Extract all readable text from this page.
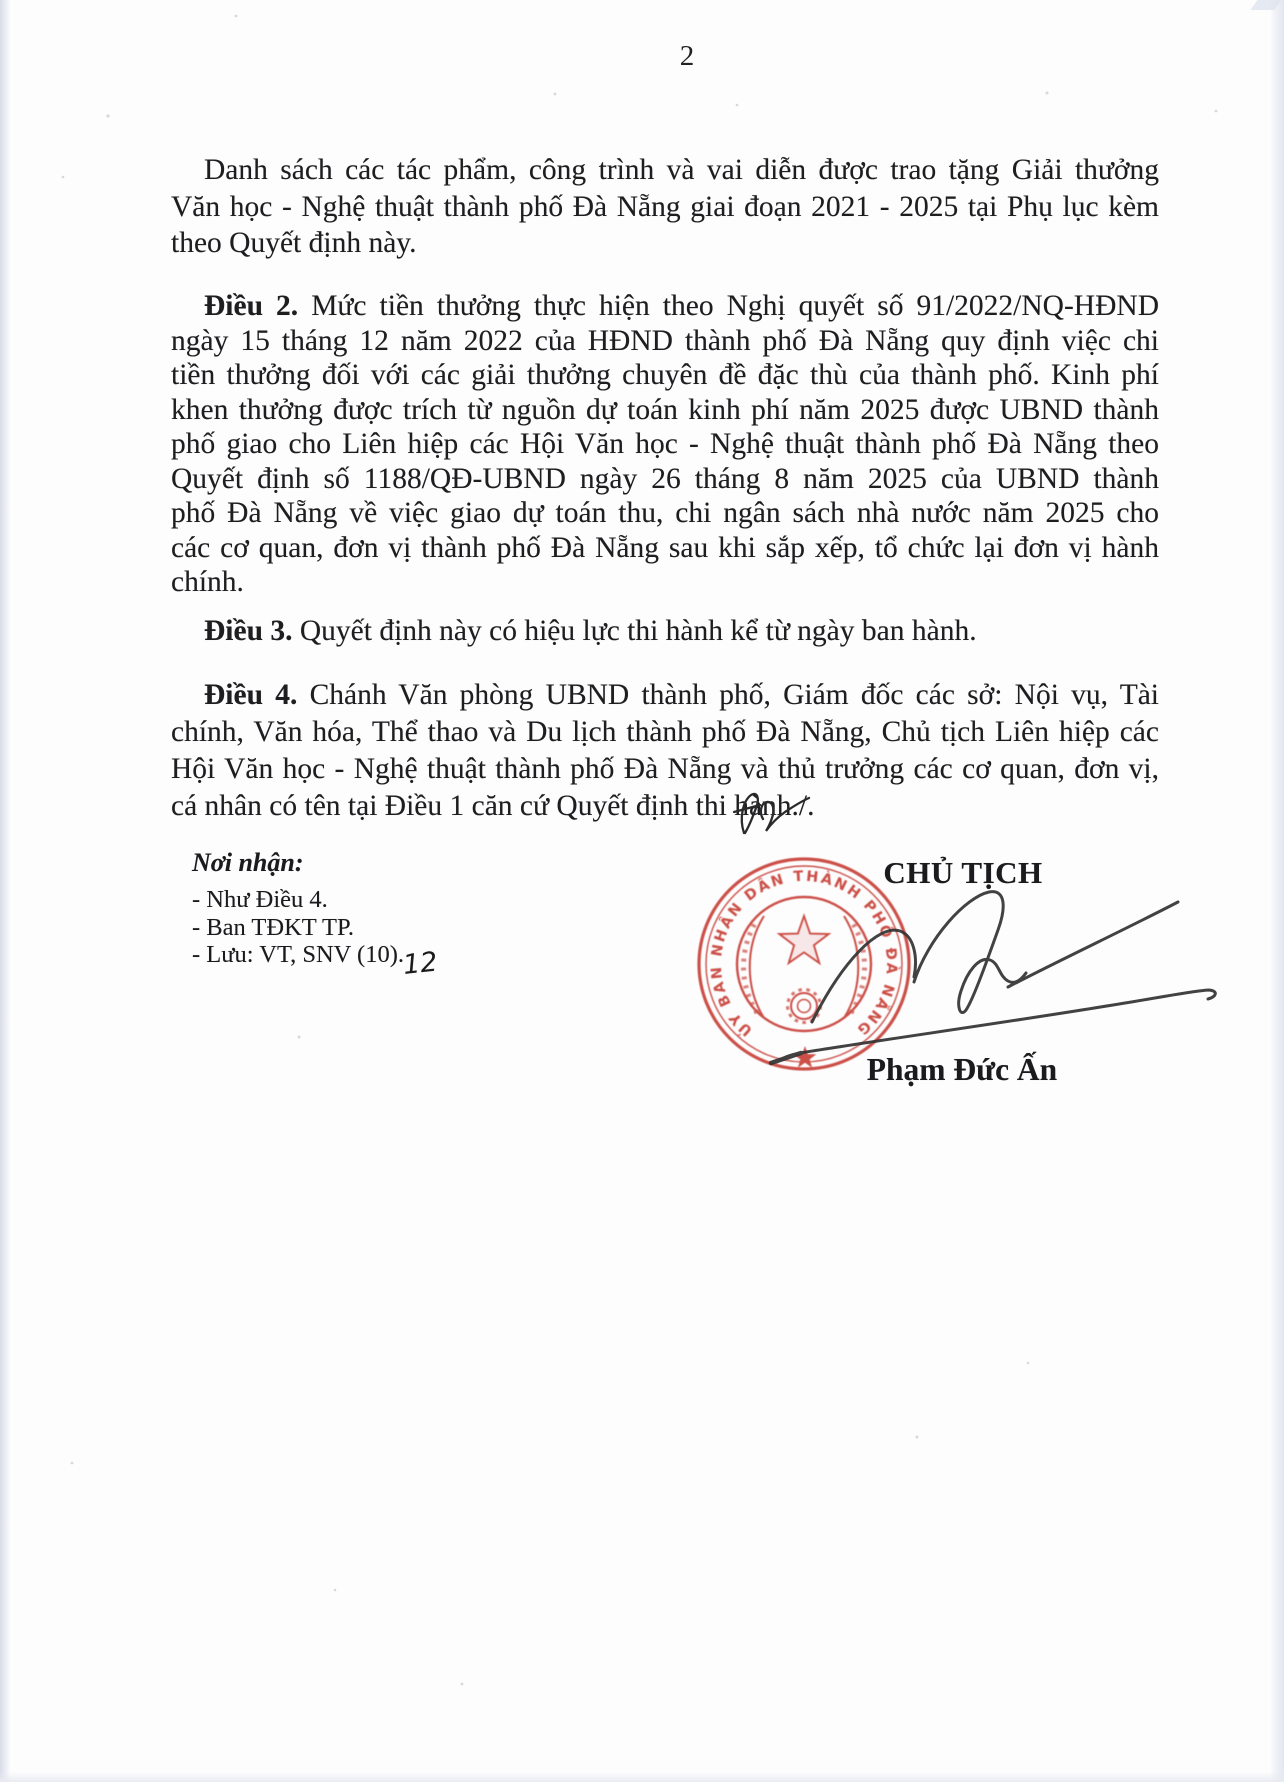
2
Danh sách các tác phẩm, công trình và vai diễn được trao tặng Giải thưởng
Văn học - Nghệ thuật thành phố Đà Nẵng giai đoạn 2021 - 2025 tại Phụ lục kèm
theo Quyết định này.
Điều 2. Mức tiền thưởng thực hiện theo Nghị quyết số 91/2022/NQ-HĐND
ngày 15 tháng 12 năm 2022 của HĐND thành phố Đà Nẵng quy định việc chi
tiền thưởng đối với các giải thưởng chuyên đề đặc thù của thành phố. Kinh phí
khen thưởng được trích từ nguồn dự toán kinh phí năm 2025 được UBND thành
phố giao cho Liên hiệp các Hội Văn học - Nghệ thuật thành phố Đà Nẵng theo
Quyết định số 1188/QĐ-UBND ngày 26 tháng 8 năm 2025 của UBND thành
phố Đà Nẵng về việc giao dự toán thu, chi ngân sách nhà nước năm 2025 cho
các cơ quan, đơn vị thành phố Đà Nẵng sau khi sắp xếp, tổ chức lại đơn vị hành
chính.
Điều 3. Quyết định này có hiệu lực thi hành kể từ ngày ban hành.
Điều 4. Chánh Văn phòng UBND thành phố, Giám đốc các sở: Nội vụ, Tài
chính, Văn hóa, Thể thao và Du lịch thành phố Đà Nẵng, Chủ tịch Liên hiệp các
Hội Văn học - Nghệ thuật thành phố Đà Nẵng và thủ trưởng các cơ quan, đơn vị,
cá nhân có tên tại Điều 1 căn cứ Quyết định thi hành./.
Nơi nhận:
- Như Điều 4.
- Ban TĐKT TP.
- Lưu: VT, SNV (10).
CHỦ TỊCH
Phạm Đức Ấn
ỦY BAN NHÂN DÂN THÀNH PHỐ ĐÀ NẴNG
12
